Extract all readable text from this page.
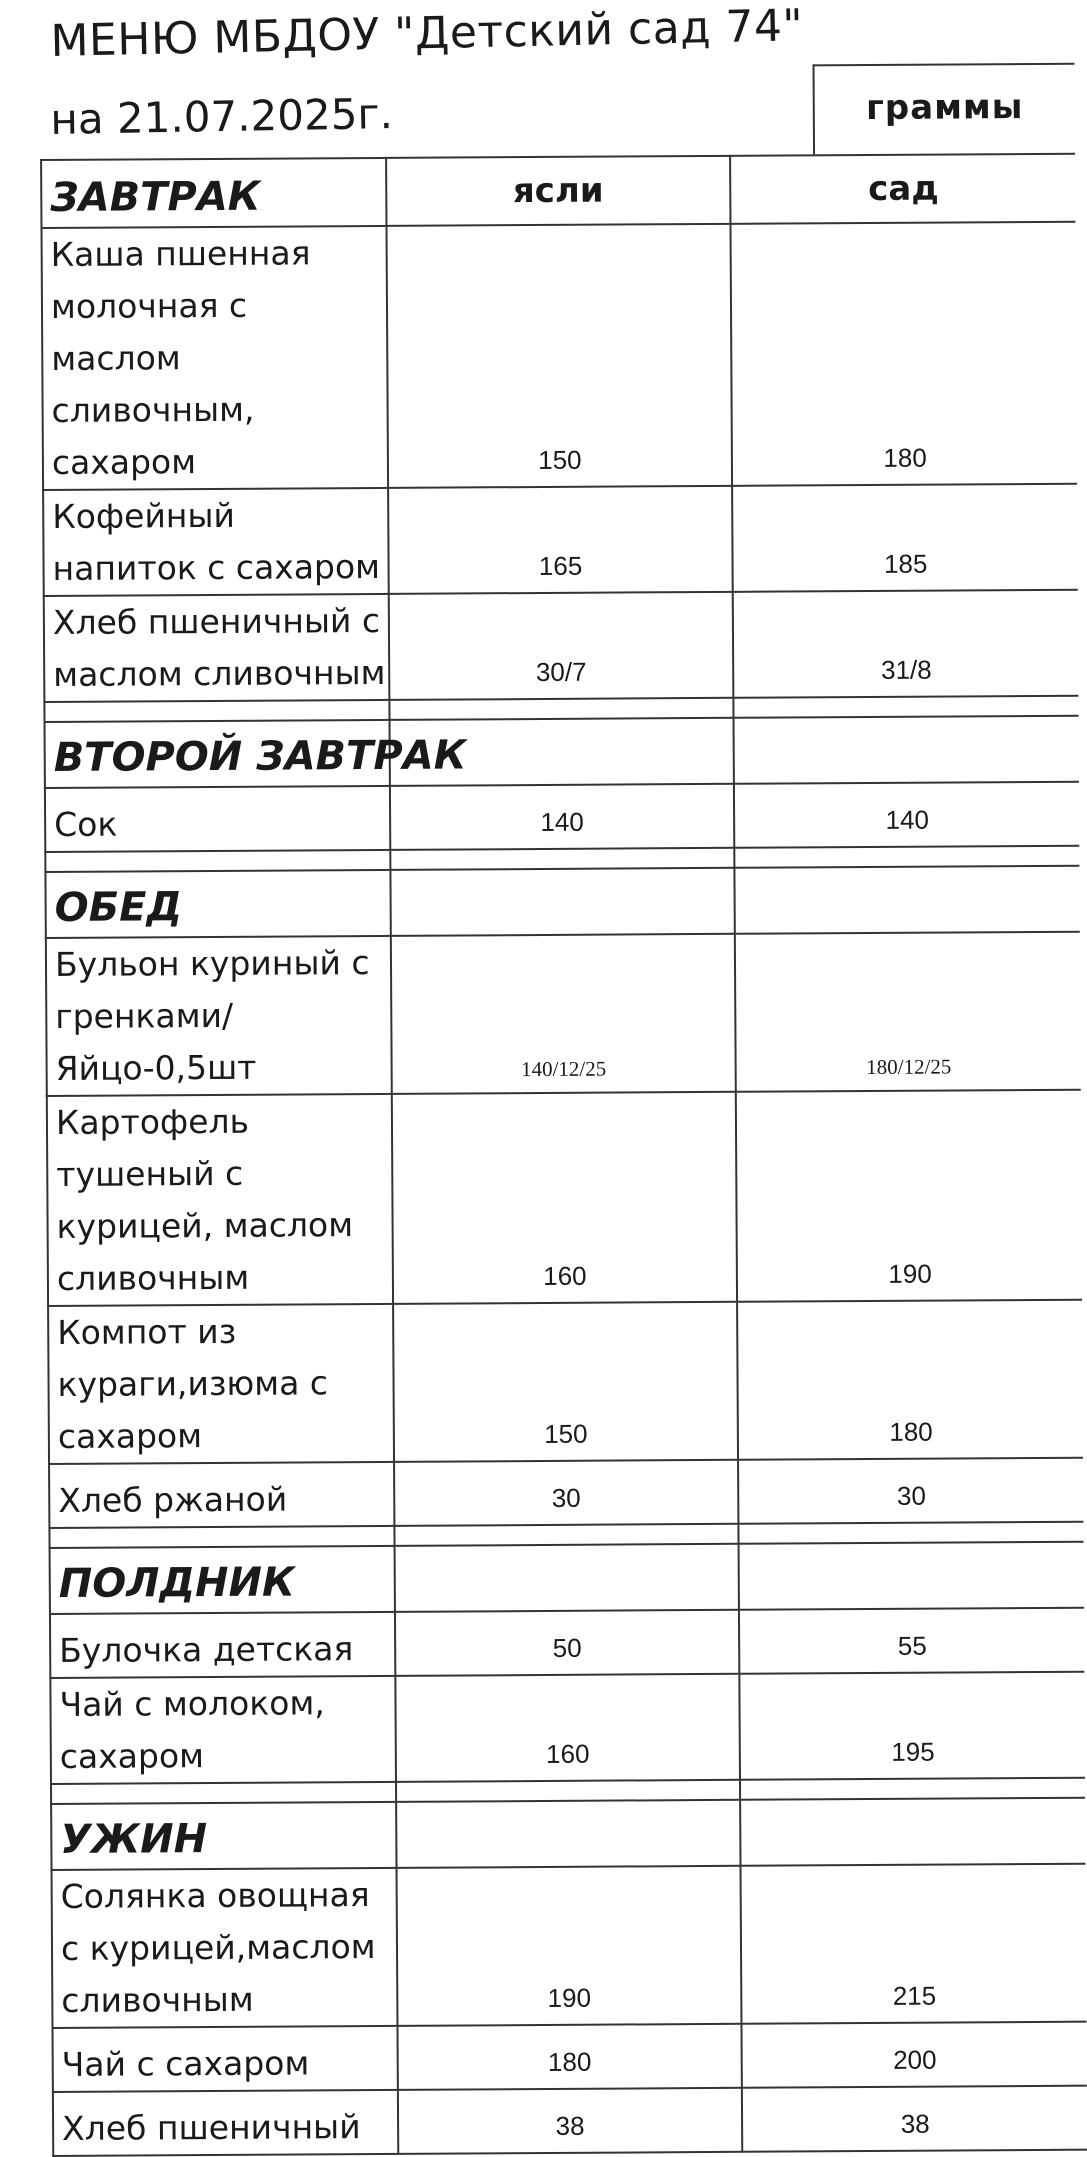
МЕНЮ МБДОУ "Детский сад 74"
на 21.07.2025г.	граммы
ЗАВТРАК	ясли	сад
Каша пшенная молочная с маслом сливочным, сахаром	150	180
Кофейный напиток с сахаром	165	185
Хлеб пшеничный с маслом сливочным	30/7	31/8

ВТОРОЙ ЗАВТРАК		
Сок	140	140

ОБЕД		
Бульон куриный с гренками/Яйцо-0,5шт	140/12/25	180/12/25
Картофель тушеный с курицей, маслом сливочным	160	190
Компот из кураги,изюма с сахаром	150	180
Хлеб ржаной	30	30

ПОЛДНИК		
Булочка детская	50	55
Чай с молоком, сахаром	160	195

УЖИН		
Солянка овощная с курицей,маслом сливочным	190	215
Чай с сахаром	180	200
Хлеб пшеничный	38	38
